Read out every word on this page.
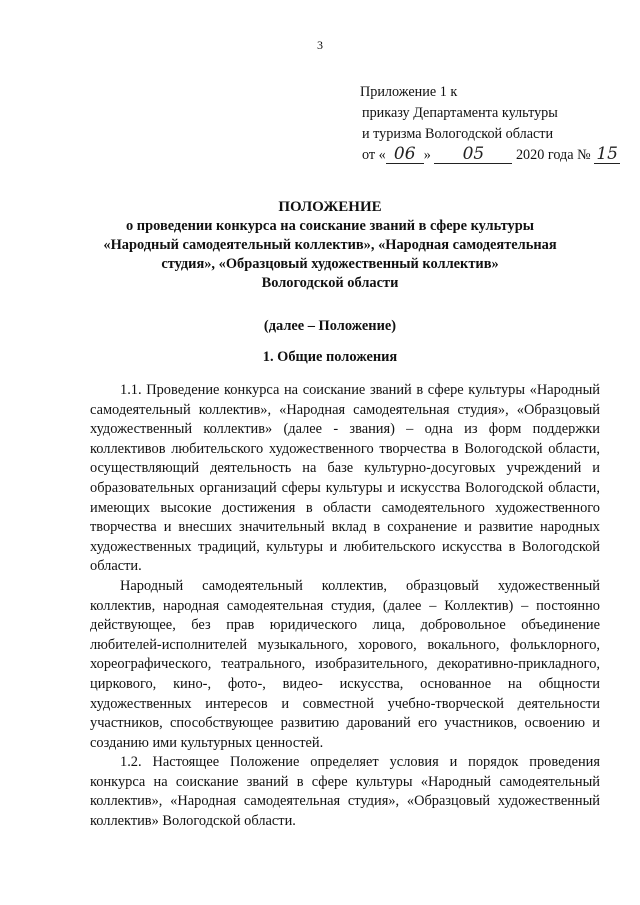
3
Приложение 1 к
приказу Департамента культуры
и туризма Вологодской области
от « 06 » 05 2020 года № 15
ПОЛОЖЕНИЕ
о проведении конкурса на соискание званий в сфере культуры
«Народный самодеятельный коллектив», «Народная самодеятельная
студия», «Образцовый художественный коллектив»
Вологодской области
(далее – Положение)
1. Общие положения

1.1. Проведение конкурса на соискание званий в сфере культуры «Народный самодеятельный коллектив», «Народная самодеятельная студия», «Образцовый художественный коллектив» (далее - звания) – одна из форм поддержки коллективов любительского художественного творчества в Вологодской области, осуществляющий деятельность на базе культурно-досуговых учреждений и образовательных организаций сферы культуры и искусства Вологодской области, имеющих высокие достижения в области самодеятельного художественного творчества и внесших значительный вклад в сохранение и развитие народных художественных традиций, культуры и любительского искусства в Вологодской области.

Народный самодеятельный коллектив, образцовый художественный коллектив, народная самодеятельная студия, (далее – Коллектив) – постоянно действующее, без прав юридического лица, добровольное объединение любителей-исполнителей музыкального, хорового, вокального, фольклорного, хореографического, театрального, изобразительного, декоративно-прикладного, циркового, кино-, фото-, видео- искусства, основанное на общности художественных интересов и совместной учебно-творческой деятельности участников, способствующее развитию дарований его участников, освоению и созданию ими культурных ценностей.

1.2. Настоящее Положение определяет условия и порядок проведения конкурса на соискание званий в сфере культуры «Народный самодеятельный коллектив», «Народная самодеятельная студия», «Образцовый художественный коллектив» Вологодской области.
